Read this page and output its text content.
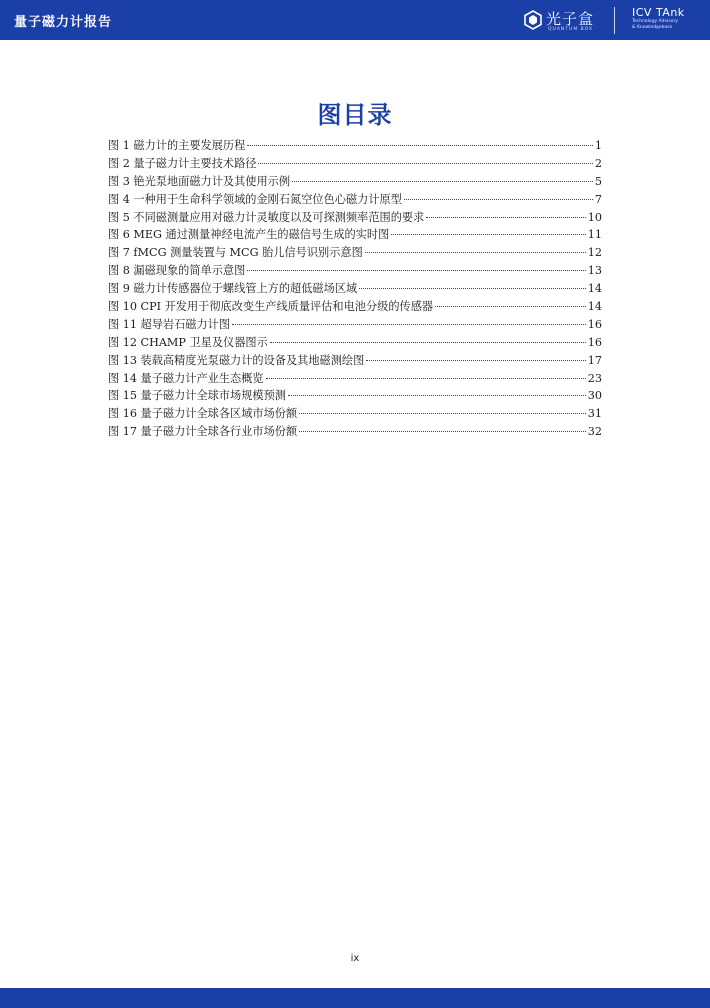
量子磁力计报告	光子盒
QUANTUM BOX
ICV TAnk
Technology Advisory
& Knowledgebase
图目录
图 1 磁力计的主要发展历程	1
图 2 量子磁力计主要技术路径	2
图 3 铯光泵地面磁力计及其使用示例	5
图 4 一种用于生命科学领域的金刚石氮空位色心磁力计原型	7
图 5 不同磁测量应用对磁力计灵敏度以及可探测频率范围的要求	10
图 6 MEG 通过测量神经电流产生的磁信号生成的实时图	11
图 7 fMCG 测量装置与 MCG 胎儿信号识别示意图	12
图 8 漏磁现象的简单示意图	13
图 9 磁力计传感器位于螺线管上方的超低磁场区域	14
图 10 CPI 开发用于彻底改变生产线质量评估和电池分级的传感器	14
图 11 超导岩石磁力计图	16
图 12 CHAMP 卫星及仪器图示	16
图 13 装载高精度光泵磁力计的设备及其地磁测绘图	17
图 14 量子磁力计产业生态概览	23
图 15 量子磁力计全球市场规模预测	30
图 16 量子磁力计全球各区域市场份额	31
图 17 量子磁力计全球各行业市场份额	32
ix
